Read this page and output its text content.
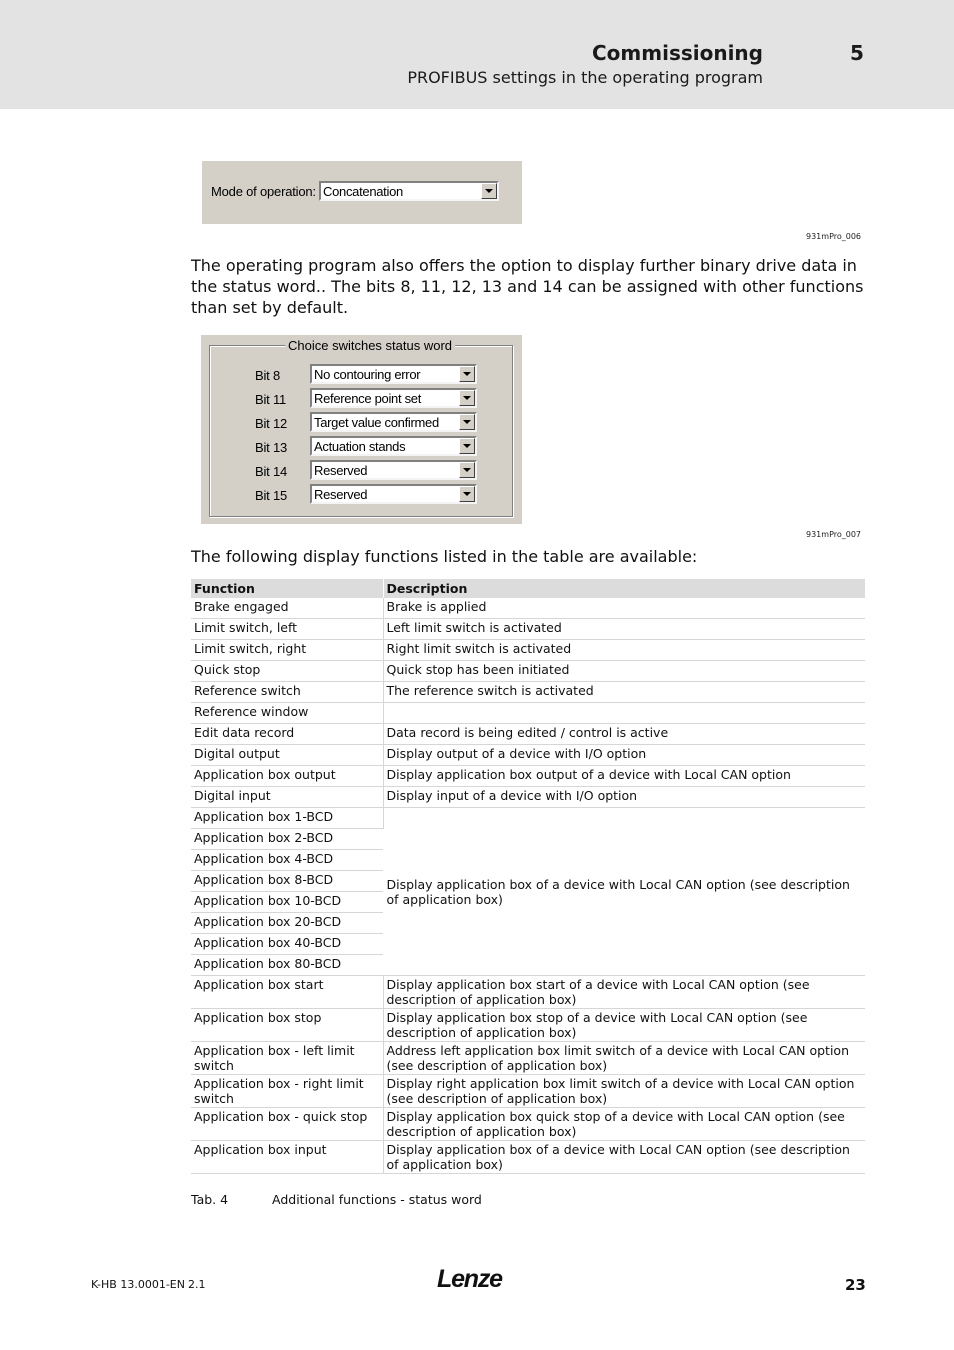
Commissioning	5
PROFIBUS settings in the operating program
Mode of operation: Concatenation
931mPro_006
The operating program also offers the option to display further binary drive data in the status word.. The bits 8, 11, 12, 13 and 14 can be assigned with other functions than set by default.
Choice switches status word
Bit 8	No contouring error
Bit 11 Reference point set
Bit 12 Target value confirmed
Bit 13 Actuation stands
Bit 14 Reserved
Bit 15 Reserved
931mPro_007
The following display functions listed in the table are available:
Function	Description
Brake engaged	Brake is applied
Limit switch, left	Left limit switch is activated
Limit switch, right	Right limit switch is activated
Quick stop	Quick stop has been initiated
Reference switch	The reference switch is activated
Reference window	
Edit data record	Data record is being edited / control is active
Digital output	Display output of a device with I/O option
Application box output	Display application box output of a device with Local CAN option
Digital input	Display input of a device with I/O option
Application box 1-BCD	Display application box of a device with Local CAN option (see description of application box)
Application box 2-BCD	
Application box 4-BCD	
Application box 8-BCD	
Application box 10-BCD	
Application box 20-BCD	
Application box 40-BCD	
Application box 80-BCD	
Application box start	Display application box start of a device with Local CAN option (see description of application box)
Application box stop	Display application box stop of a device with Local CAN option (see description of application box)
Application box - left limit switch	Address left application box limit switch of a device with Local CAN option (see description of application box)
Application box - right limit switch	Display right application box limit switch of a device with Local CAN option (see description of application box)
Application box - quick stop	Display application box quick stop of a device with Local CAN option (see description of application box)
Application box input	Display application box of a device with Local CAN option (see description of application box)
Tab. 4	Additional functions - status word
K-HB 13.0001-EN 2.1	Lenze	23
